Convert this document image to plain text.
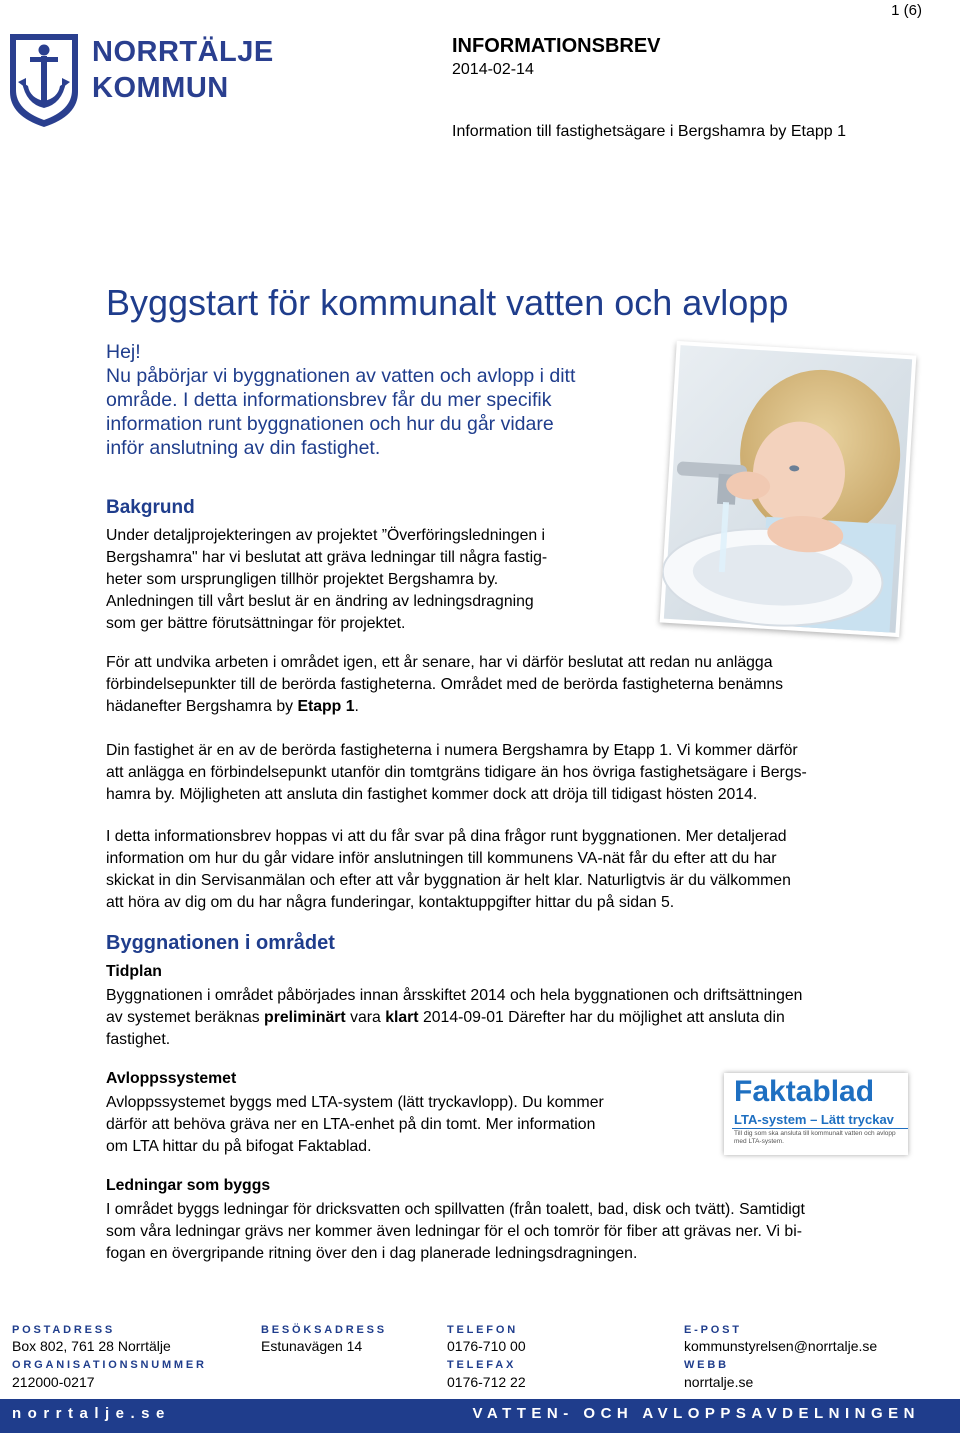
1 (6)
NORRTÄLJE
KOMMUN
INFORMATIONSBREV
2014-02-14
Information till fastighetsägare i Bergshamra by Etapp 1
Byggstart för kommunalt vatten och avlopp
Hej!
Nu påbörjar vi byggnationen av vatten och avlopp i ditt
område. I detta informationsbrev får du mer specifik
information runt byggnationen och hur du går vidare
inför anslutning av din fastighet.
Bakgrund
Under detaljprojekteringen av projektet ”Överföringsledningen i
Bergshamra" har vi beslutat att gräva ledningar till några fastig-
heter som ursprungligen tillhör projektet Bergshamra by.
Anledningen till vårt beslut är en ändring av ledningsdragning
som ger bättre förutsättningar för projektet.
För att undvika arbeten i området igen, ett år senare, har vi därför beslutat att redan nu anlägga
förbindelsepunkter till de berörda fastigheterna. Området med de berörda fastigheterna benämns
hädanefter Bergshamra by Etapp 1.
Din fastighet är en av de berörda fastigheterna i numera Bergshamra by Etapp 1. Vi kommer därför
att anlägga en förbindelsepunkt utanför din tomtgräns tidigare än hos övriga fastighetsägare i Bergs-
hamra by. Möjligheten att ansluta din fastighet kommer dock att dröja till tidigast hösten 2014.
I detta informationsbrev hoppas vi att du får svar på dina frågor runt byggnationen. Mer detaljerad
information om hur du går vidare inför anslutningen till kommunens VA-nät får du efter att du har
skickat in din Servisanmälan och efter att vår byggnation är helt klar. Naturligtvis är du välkommen
att höra av dig om du har några funderingar, kontaktuppgifter hittar du på sidan 5.
Byggnationen i området
Tidplan
Byggnationen i området påbörjades innan årsskiftet 2014 och hela byggnationen och driftsättningen
av systemet beräknas preliminärt vara klart 2014-09-01 Därefter har du möjlighet att ansluta din
fastighet.
Avloppssystemet
Avloppssystemet byggs med LTA-system (lätt tryckavlopp). Du kommer
därför att behöva gräva ner en LTA-enhet på din tomt. Mer information
om LTA hittar du på bifogat Faktablad.
Faktablad
LTA-system – Lätt tryckav
Till dig som ska ansluta till kommunalt vatten och avlopp med LTA-system.
Ledningar som byggs
I området byggs ledningar för dricksvatten och spillvatten (från toalett, bad, disk och tvätt). Samtidigt
som våra ledningar grävs ner kommer även ledningar för el och tomrör för fiber att grävas ner. Vi bi-
fogan en övergripande ritning över den i dag planerade ledningsdragningen.
POSTADRESS
Box 802, 761 28 Norrtälje
BESÖKSADRESS
Estunavägen 14
TELEFON
0176-710 00
E-POST
kommunstyrelsen@norrtalje.se
ORGANISATIONSNUMMER
212000-0217
TELEFAX
0176-712 22
WEBB
norrtalje.se
norrtalje.se	VATTEN- OCH AVLOPPSAVDELNINGEN
